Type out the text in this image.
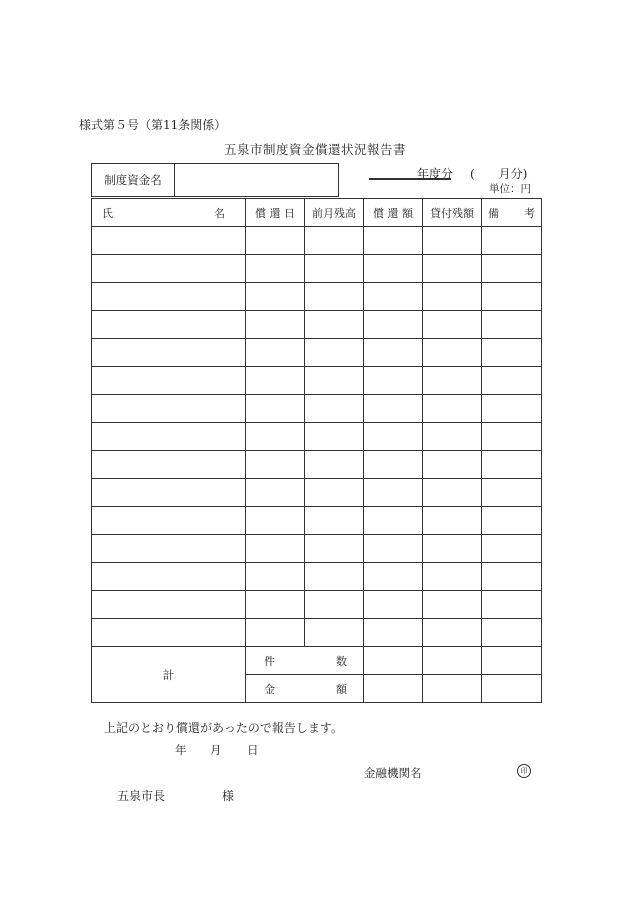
様式第５号（第11条関係）
五泉市制度資金償還状況報告書
制度資金名	年度分 (　　月分)
単位：円
氏 名	償 還 日	前月残高	償 還 額	貸付残額	備 考

計	件 数				

	金 額				

上記のとおり償還があったので報告します。
年 月 日
金融機関名	印
五泉市長	様
